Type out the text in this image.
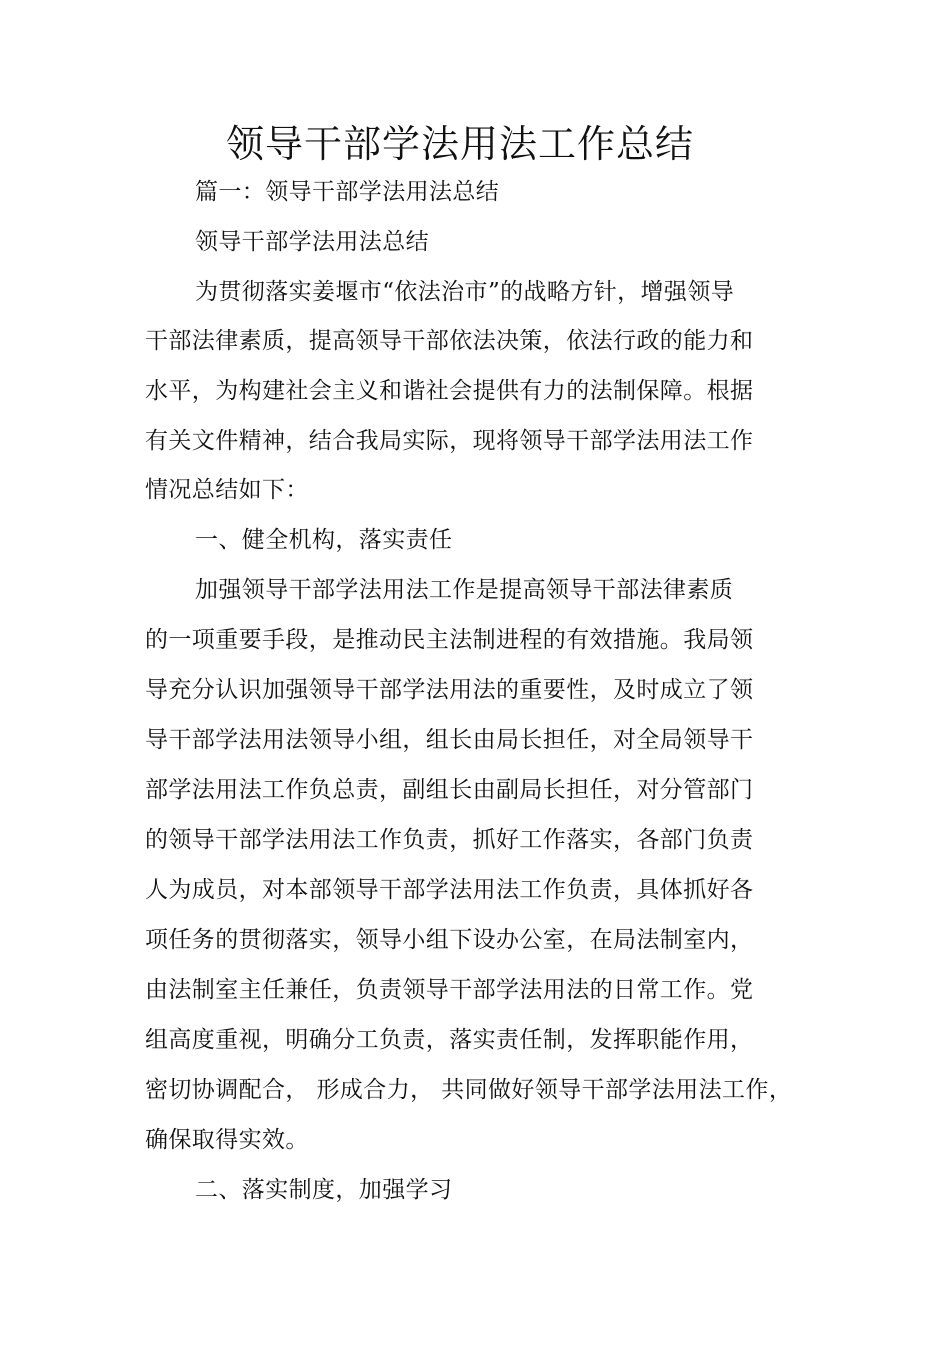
领导干部学法用法工作总结
篇一：领导干部学法用法总结
领导干部学法用法总结
为贯彻落实姜堰市“依法治市”的战略方针，增强领导
干部法律素质，提高领导干部依法决策，依法行政的能力和
水平，为构建社会主义和谐社会提供有力的法制保障。根据
有关文件精神，结合我局实际，现将领导干部学法用法工作
情况总结如下：
一、健全机构，落实责任
加强领导干部学法用法工作是提高领导干部法律素质
的一项重要手段，是推动民主法制进程的有效措施。我局领
导充分认识加强领导干部学法用法的重要性，及时成立了领
导干部学法用法领导小组，组长由局长担任，对全局领导干
部学法用法工作负总责，副组长由副局长担任，对分管部门
的领导干部学法用法工作负责，抓好工作落实，各部门负责
人为成员，对本部领导干部学法用法工作负责，具体抓好各
项任务的贯彻落实，领导小组下设办公室，在局法制室内，
由法制室主任兼任，负责领导干部学法用法的日常工作。党
组高度重视，明确分工负责，落实责任制，发挥职能作用，
密切协调配合， 形成合力， 共同做好领导干部学法用法工作，
确保取得实效。
二、落实制度，加强学习
